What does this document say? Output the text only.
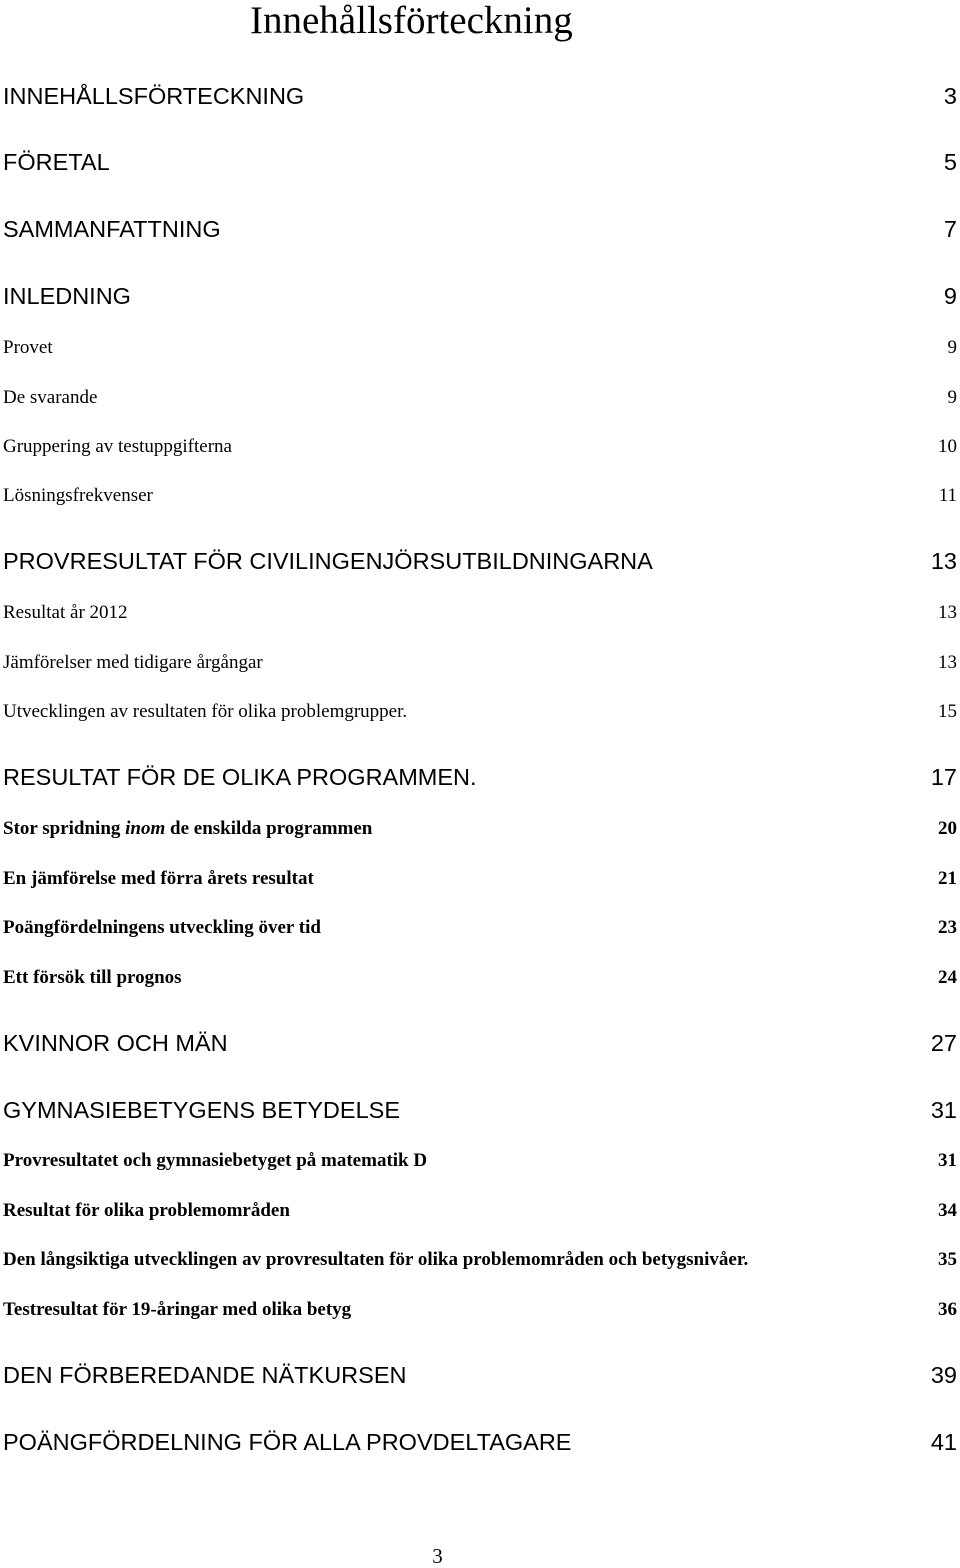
Innehållsförteckning
INNEHÅLLSFÖRTECKNING	3
FÖRETAL	5
SAMMANFATTNING	7
INLEDNING	9
Provet	9
De svarande	9
Gruppering av testuppgifterna	10
Lösningsfrekvenser	11
PROVRESULTAT FÖR CIVILINGENJÖRSUTBILDNINGARNA	13
Resultat år 2012	13
Jämförelser med tidigare årgångar	13
Utvecklingen av resultaten för olika problemgrupper.	15
RESULTAT FÖR DE OLIKA PROGRAMMEN.	17
Stor spridning inom de enskilda programmen	20
En jämförelse med förra årets resultat	21
Poängfördelningens utveckling över tid	23
Ett försök till prognos	24
KVINNOR OCH MÄN	27
GYMNASIEBETYGENS BETYDELSE	31
Provresultatet och gymnasiebetyget på matematik D	31
Resultat för olika problemområden	34
Den långsiktiga utvecklingen av provresultaten för olika problemområden och betygsnivåer.	35
Testresultat för 19-åringar med olika betyg	36
DEN FÖRBEREDANDE NÄTKURSEN	39
POÄNGFÖRDELNING FÖR ALLA PROVDELTAGARE	41
3
